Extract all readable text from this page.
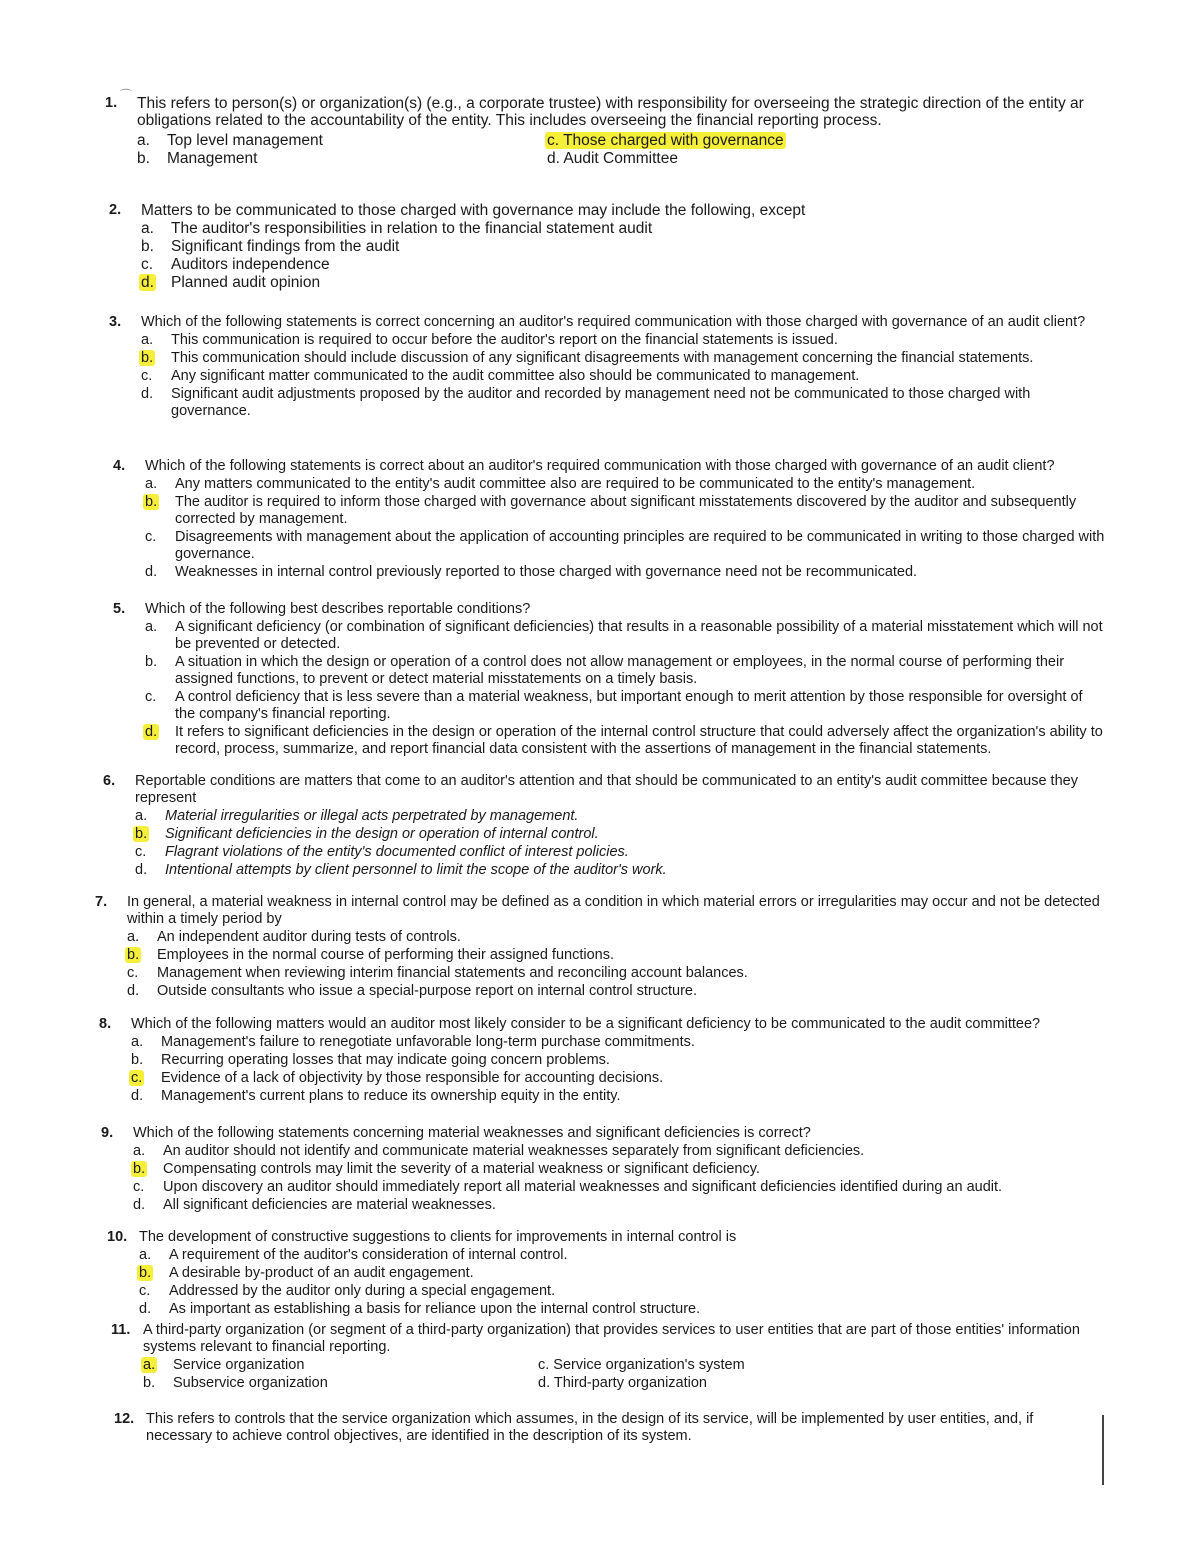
⌒
1. This refers to person(s) or organization(s) (e.g., a corporate trustee) with responsibility for overseeing the strategic direction of the entity ar obligations related to the accountability of the entity. This includes overseeing the financial reporting process.
a.	Top level management
b.	Management
c. Those charged with governance
d. Audit Committee
2. Matters to be communicated to those charged with governance may include the following, except
a.	The auditor's responsibilities in relation to the financial statement audit
b.	Significant findings from the audit
c.	Auditors independence
d.	Planned audit opinion
3. Which of the following statements is correct concerning an auditor's required communication with those charged with governance of an audit client?
a.	This communication is required to occur before the auditor's report on the financial statements is issued.
b.	This communication should include discussion of any significant disagreements with management concerning the financial statements.
c.	Any significant matter communicated to the audit committee also should be communicated to management.
d.	Significant audit adjustments proposed by the auditor and recorded by management need not be communicated to those charged with governance.
4. Which of the following statements is correct about an auditor's required communication with those charged with governance of an audit client?
a.	Any matters communicated to the entity's audit committee also are required to be communicated to the entity's management.
b.	The auditor is required to inform those charged with governance about significant misstatements discovered by the auditor and subsequently corrected by management.
c.	Disagreements with management about the application of accounting principles are required to be communicated in writing to those charged with governance.
d.	Weaknesses in internal control previously reported to those charged with governance need not be recommunicated.
5. Which of the following best describes reportable conditions?
a.	A significant deficiency (or combination of significant deficiencies) that results in a reasonable possibility of a material misstatement which will not be prevented or detected.
b.	A situation in which the design or operation of a control does not allow management or employees, in the normal course of performing their assigned functions, to prevent or detect material misstatements on a timely basis.
c.	A control deficiency that is less severe than a material weakness, but important enough to merit attention by those responsible for oversight of the company's financial reporting.
d.	It refers to significant deficiencies in the design or operation of the internal control structure that could adversely affect the organization's ability to record, process, summarize, and report financial data consistent with the assertions of management in the financial statements.
6. Reportable conditions are matters that come to an auditor's attention and that should be communicated to an entity's audit committee because they represent
a.	Material irregularities or illegal acts perpetrated by management.
b.	Significant deficiencies in the design or operation of internal control.
c.	Flagrant violations of the entity's documented conflict of interest policies.
d.	Intentional attempts by client personnel to limit the scope of the auditor's work.
7. In general, a material weakness in internal control may be defined as a condition in which material errors or irregularities may occur and not be detected within a timely period by
a.	An independent auditor during tests of controls.
b.	Employees in the normal course of performing their assigned functions.
c.	Management when reviewing interim financial statements and reconciling account balances.
d.	Outside consultants who issue a special-purpose report on internal control structure.
8. Which of the following matters would an auditor most likely consider to be a significant deficiency to be communicated to the audit committee?
a.	Management's failure to renegotiate unfavorable long-term purchase commitments.
b.	Recurring operating losses that may indicate going concern problems.
c.	Evidence of a lack of objectivity by those responsible for accounting decisions.
d.	Management's current plans to reduce its ownership equity in the entity.
9. Which of the following statements concerning material weaknesses and significant deficiencies is correct?
a.	An auditor should not identify and communicate material weaknesses separately from significant deficiencies.
b.	Compensating controls may limit the severity of a material weakness or significant deficiency.
c.	Upon discovery an auditor should immediately report all material weaknesses and significant deficiencies identified during an audit.
d.	All significant deficiencies are material weaknesses.
10. The development of constructive suggestions to clients for improvements in internal control is
a.	A requirement of the auditor's consideration of internal control.
b.	A desirable by-product of an audit engagement.
c.	Addressed by the auditor only during a special engagement.
d.	As important as establishing a basis for reliance upon the internal control structure.
11. A third-party organization (or segment of a third-party organization) that provides services to user entities that are part of those entities' information systems relevant to financial reporting.
a.	Service organization
b.	Subservice organization
c. Service organization's system
d. Third-party organization
12. This refers to controls that the service organization which assumes, in the design of its service, will be implemented by user entities, and, if necessary to achieve control objectives, are identified in the description of its system.
